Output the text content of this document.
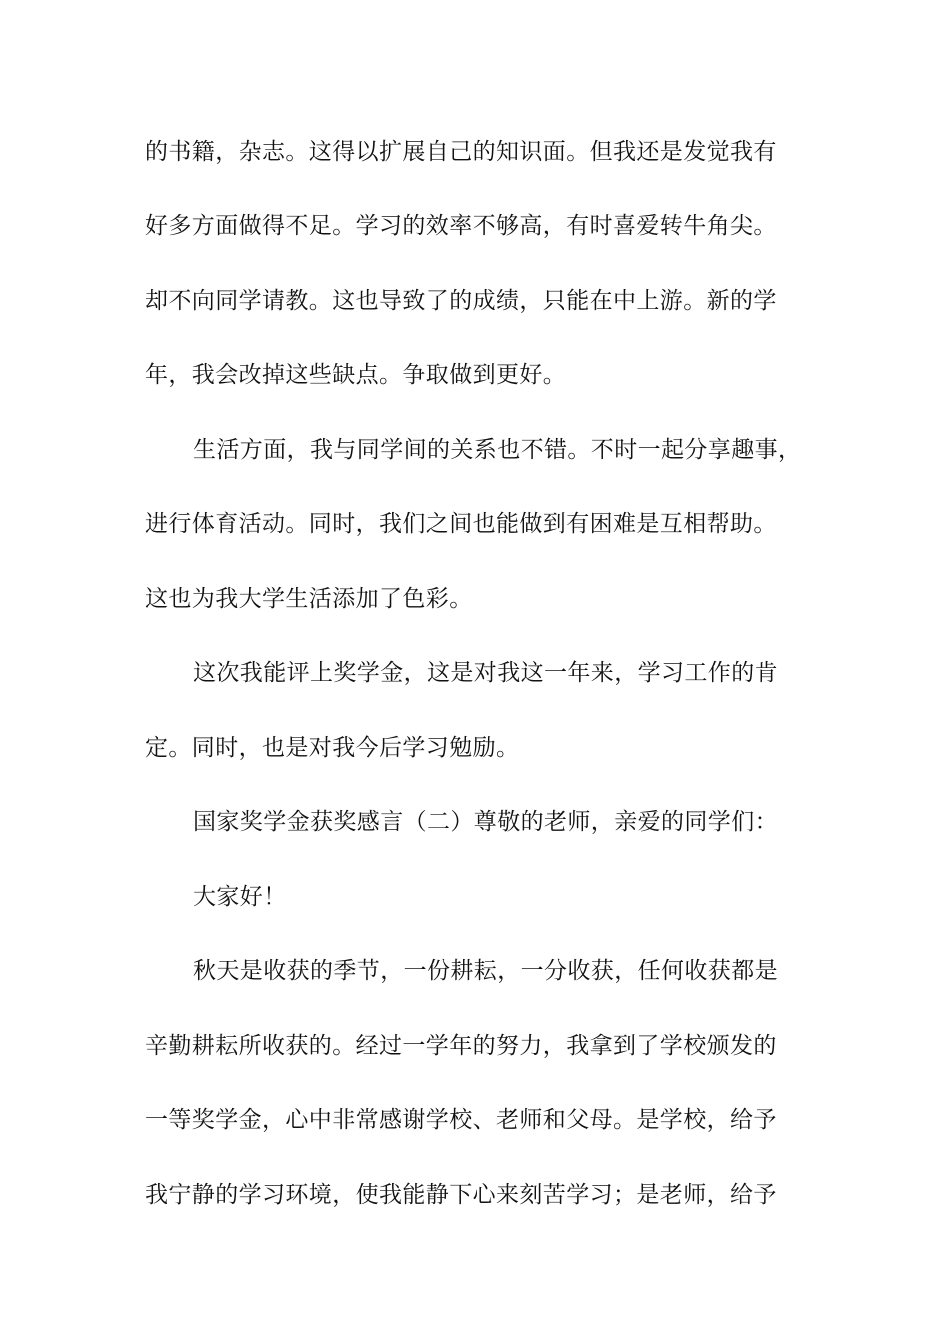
的书籍，杂志。这得以扩展自己的知识面。但我还是发觉我有
好多方面做得不足。学习的效率不够高，有时喜爱转牛角尖。
却不向同学请教。这也导致了的成绩，只能在中上游。新的学
年，我会改掉这些缺点。争取做到更好。
生活方面，我与同学间的关系也不错。不时一起分享趣事，
进行体育活动。同时，我们之间也能做到有困难是互相帮助。
这也为我大学生活添加了色彩。
这次我能评上奖学金，这是对我这一年来，学习工作的肯
定。同时，也是对我今后学习勉励。
国家奖学金获奖感言（二）尊敬的老师，亲爱的同学们：
大家好！
秋天是收获的季节，一份耕耘，一分收获，任何收获都是
辛勤耕耘所收获的。经过一学年的努力，我拿到了学校颁发的
一等奖学金，心中非常感谢学校、老师和父母。是学校，给予
我宁静的学习环境，使我能静下心来刻苦学习；是老师，给予
